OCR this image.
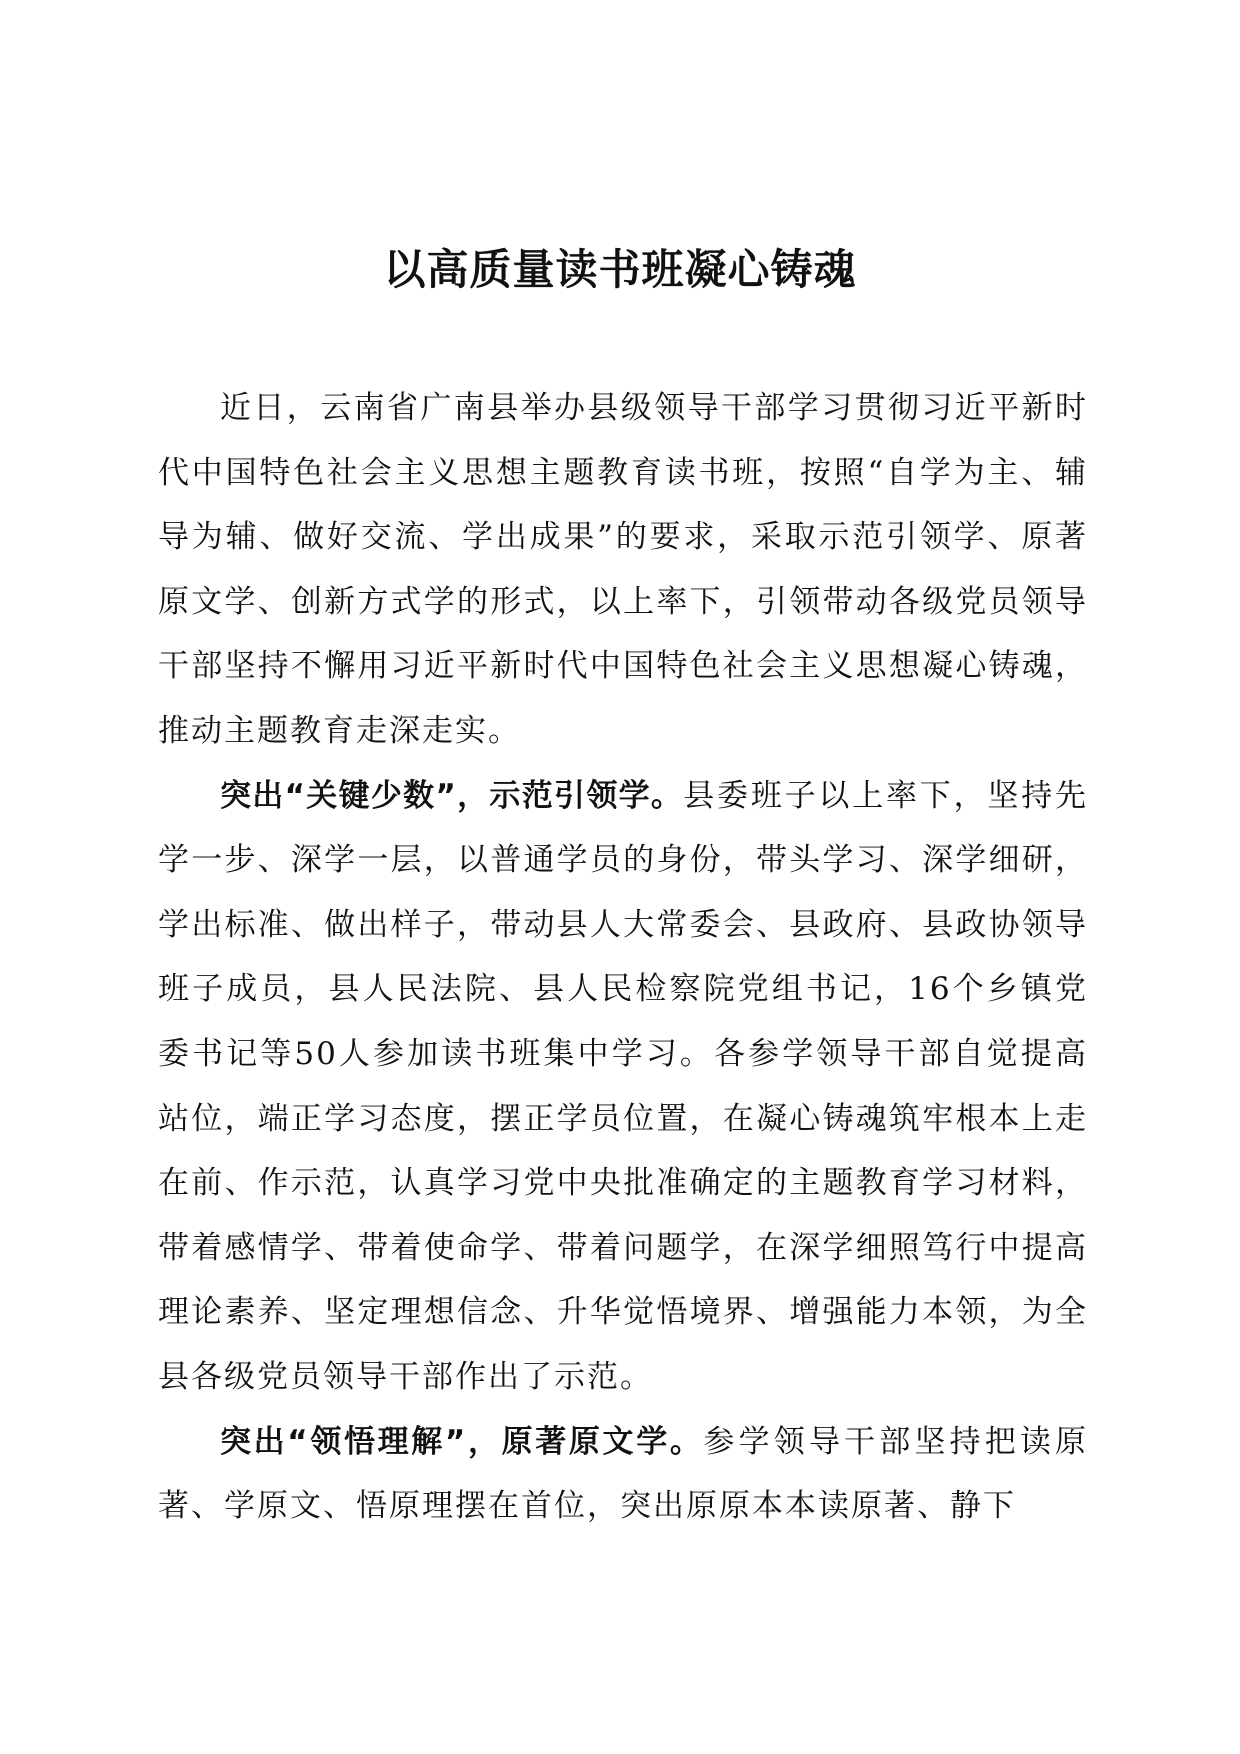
以高质量读书班凝心铸魂

近日，云南省广南县举办县级领导干部学习贯彻习近平新时代中国特色社会主义思想主题教育读书班，按照“自学为主、辅导为辅、做好交流、学出成果”的要求，采取示范引领学、原著原文学、创新方式学的形式，以上率下，引领带动各级党员领导干部坚持不懈用习近平新时代中国特色社会主义思想凝心铸魂，推动主题教育走深走实。

突出“关键少数”，示范引领学。县委班子以上率下，坚持先学一步、深学一层，以普通学员的身份，带头学习、深学细研，学出标准、做出样子，带动县人大常委会、县政府、县政协领导班子成员，县人民法院、县人民检察院党组书记，16个乡镇党委书记等50人参加读书班集中学习。各参学领导干部自觉提高站位，端正学习态度，摆正学员位置，在凝心铸魂筑牢根本上走在前、作示范，认真学习党中央批准确定的主题教育学习材料，带着感情学、带着使命学、带着问题学，在深学细照笃行中提高理论素养、坚定理想信念、升华觉悟境界、增强能力本领，为全县各级党员领导干部作出了示范。

突出“领悟理解”，原著原文学。参学领导干部坚持把读原著、学原文、悟原理摆在首位，突出原原本本读原著、静下
